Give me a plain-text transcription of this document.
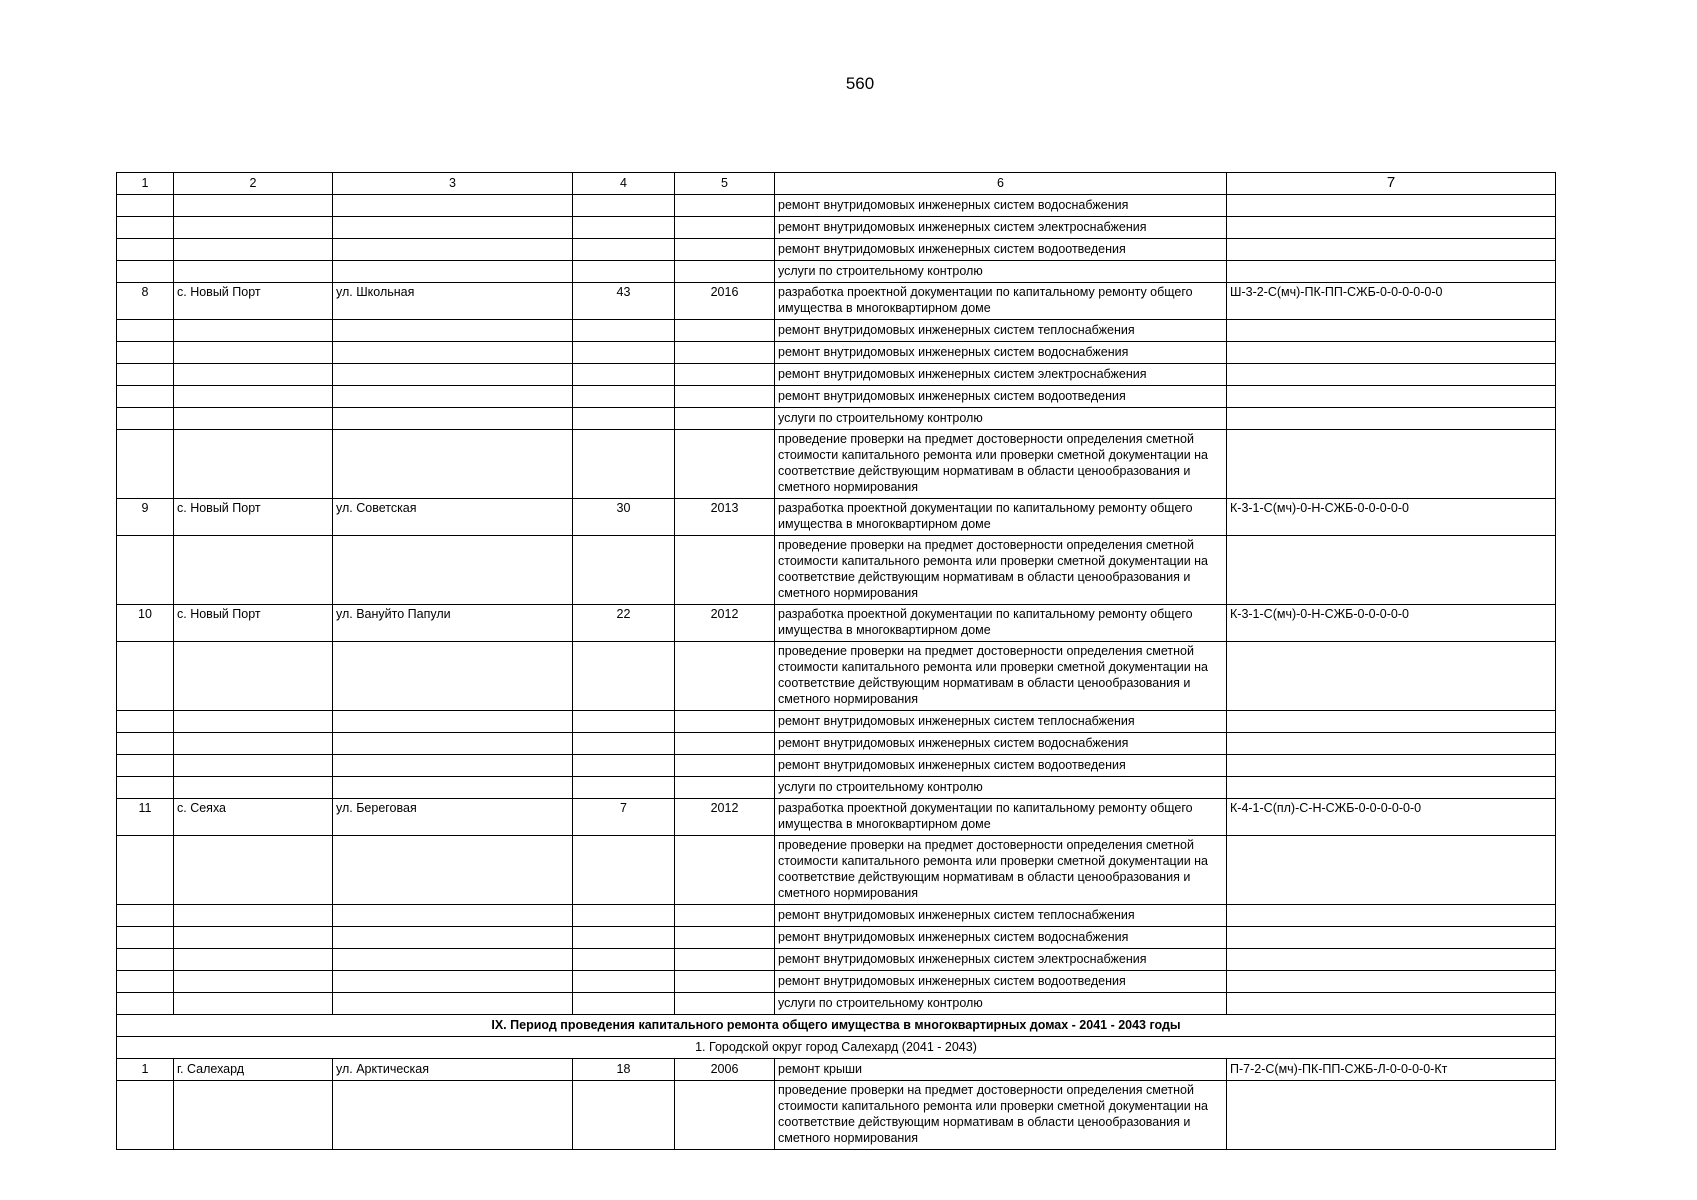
560
1	2	3	4	5	6	7
					ремонт внутридомовых инженерных систем водоснабжения	
					ремонт внутридомовых инженерных систем электроснабжения	
					ремонт внутридомовых инженерных систем водоотведения	
					услуги по строительному контролю	
8	с. Новый Порт	ул. Школьная	43	2016	разработка проектной документации по капитальному ремонту общего имущества в многоквартирном доме	Ш-3-2-С(мч)-ПК-ПП-СЖБ-0-0-0-0-0-0
					ремонт внутридомовых инженерных систем теплоснабжения	
					ремонт внутридомовых инженерных систем водоснабжения	
					ремонт внутридомовых инженерных систем электроснабжения	
					ремонт внутридомовых инженерных систем водоотведения	
					услуги по строительному контролю	
					проведение проверки на предмет достоверности определения сметной стоимости капитального ремонта или проверки сметной документации на соответствие действующим нормативам в области ценообразования и сметного нормирования	
9	с. Новый Порт	ул. Советская	30	2013	разработка проектной документации по капитальному ремонту общего имущества в многоквартирном доме	К-3-1-С(мч)-0-Н-СЖБ-0-0-0-0-0
					проведение проверки на предмет достоверности определения сметной стоимости капитального ремонта или проверки сметной документации на соответствие действующим нормативам в области ценообразования и сметного нормирования	
10	с. Новый Порт	ул. Вануйто Папули	22	2012	разработка проектной документации по капитальному ремонту общего имущества в многоквартирном доме	К-3-1-С(мч)-0-Н-СЖБ-0-0-0-0-0
					проведение проверки на предмет достоверности определения сметной стоимости капитального ремонта или проверки сметной документации на соответствие действующим нормативам в области ценообразования и сметного нормирования	
					ремонт внутридомовых инженерных систем теплоснабжения	
					ремонт внутридомовых инженерных систем водоснабжения	
					ремонт внутридомовых инженерных систем водоотведения	
					услуги по строительному контролю	
11	с. Сеяха	ул. Береговая	7	2012	разработка проектной документации по капитальному ремонту общего имущества в многоквартирном доме	К-4-1-С(пл)-С-Н-СЖБ-0-0-0-0-0-0
					проведение проверки на предмет достоверности определения сметной стоимости капитального ремонта или проверки сметной документации на соответствие действующим нормативам в области ценообразования и сметного нормирования	
					ремонт внутридомовых инженерных систем теплоснабжения	
					ремонт внутридомовых инженерных систем водоснабжения	
					ремонт внутридомовых инженерных систем электроснабжения	
					ремонт внутридомовых инженерных систем водоотведения	
					услуги по строительному контролю	
IX. Период проведения капитального ремонта общего имущества в многоквартирных домах - 2041 - 2043 годы						
1. Городской округ город Салехард (2041 - 2043)						
1	г. Салехард	ул. Арктическая	18	2006	ремонт крыши	П-7-2-С(мч)-ПК-ПП-СЖБ-Л-0-0-0-0-Кт
					проведение проверки на предмет достоверности определения сметной стоимости капитального ремонта или проверки сметной документации на соответствие действующим нормативам в области ценообразования и сметного нормирования	
